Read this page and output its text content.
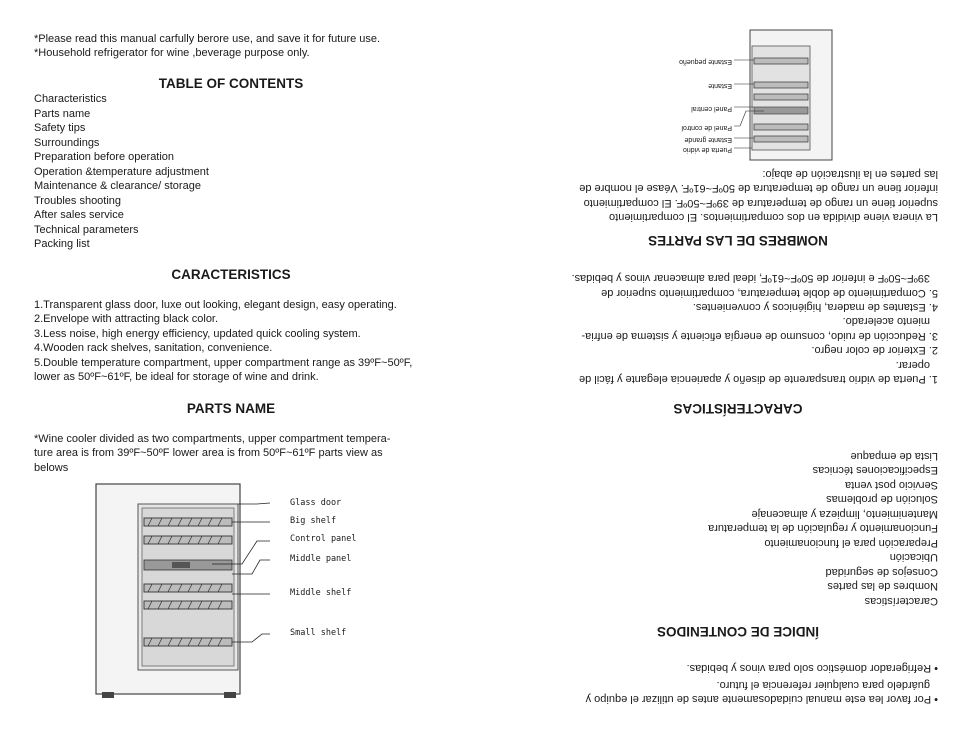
*Please read this manual carfully berore use, and save it for future use.
*Household refrigerator for wine ,beverage purpose only.
TABLE OF CONTENTS
Characteristics
Parts name
Safety tips
Surroundings
Preparation before operation
Operation &temperature adjustment
Maintenance & clearance/ storage
Troubles shooting
After sales service
Technical parameters
Packing list
CARACTERISTICS
1.Transparent glass door, luxe out looking, elegant design, easy operating.
2.Envelope with attracting black color.
3.Less noise, high energy efficiency, updated quick cooling system.
4.Wooden rack shelves, sanitation, convenience.
5.Double temperature compartment, upper compartment range as 39ºF~50ºF,
lower as 50ºF~61ºF, be ideal for storage of wine and drink.
PARTS NAME
*Wine cooler divided as two compartments, upper compartment tempera-
ture area is from 39ºF~50ºF lower area is from 50ºF~61ºF parts view as
belows
Glass door
Big shelf
Control panel
Middle panel
Middle shelf
Small shelf
• Por favor lea este manual cuidadosamente antes de utilizar el equipo y
guárdelo para cualquier referencia el futuro.
• Refrigerador doméstico solo para vinos y bebidas.
ÍNDICE DE CONTENIDOS
Características
Nombres de las partes
Consejos de seguridad
Ubicación
Preparación para el funcionamiento
Funcionamiento y regulación de la temperatura
Mantenimiento, limpieza y almacenaje
Solución de problemas
Servicio post venta
Especificaciones técnicas
Lista de empaque
CARACTERÍSTICAS
1. Puerta de vidrio transparente de diseño y apariencia elegante y fácil de
operar.
2. Exterior de color negro.
3. Reducción de ruido, consumo de energía eficiente y sistema de enfria-
miento acelerado.
4. Estantes de madera, higiénicos y convenientes.
5. Compartimiento de doble temperatura, compartimiento superior de
39ºF~50ºF e inferior de 50ºF~61ºF, ideal para almacenar vinos y bebidas.
NOMBRES DE LAS PARTES
La vinera viene dividida en dos compartimientos. El compartimiento
superior tiene un rango de temperatura de 39ºF~50ºF. El compartimiento
inferior tiene un rango de temperatura de 50ºF~61ºF. Véase el nombre de
las partes en la ilustración de abajo:
Puerta de vidrio
Estante grande
Panel de control
Panel central
Estante
Estante pequeño
